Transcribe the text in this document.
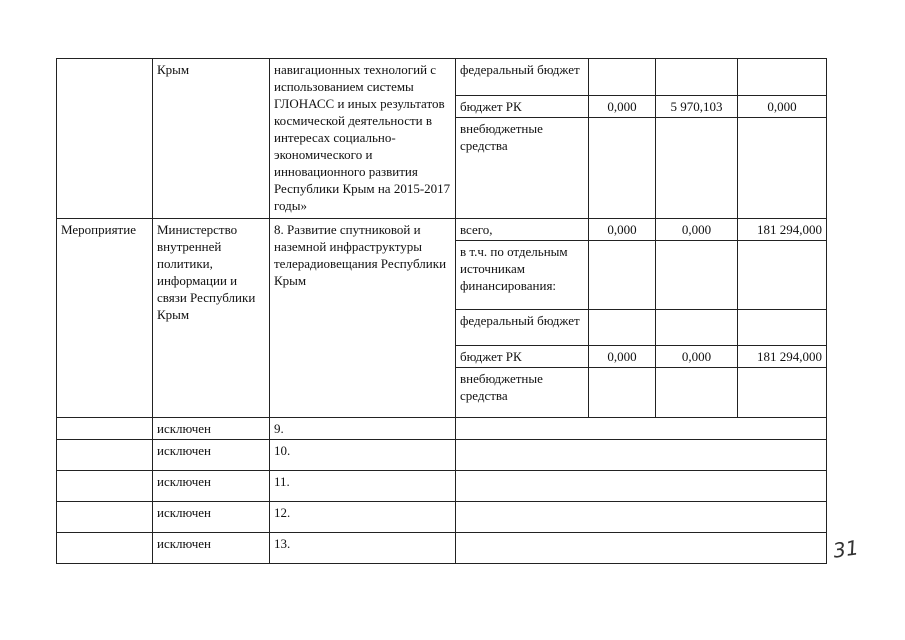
	Крым	навигационных технологий с использованием системы ГЛОНАСС и иных результатов космической деятельности в интересах социально-экономического и инновационного развития Республики Крым на 2015-2017 годы»	федеральный бюджет			
			бюджет РК	0,000	5 970,103	0,000
			внебюджетные средства			
Мероприятие	Министерство внутренней политики, информации и связи Республики Крым	8. Развитие спутниковой и наземной инфраструктуры телерадиовещания Республики Крым	всего,	0,000	0,000	181 294,000
			в т.ч. по отдельным источникам финансирования:			
			федеральный бюджет			
			бюджет РК	0,000	0,000	181 294,000
			внебюджетные средства			
	исключен	9.				
	исключен	10.				
	исключен	11.				
	исключен	12.				
	исключен	13.					31
